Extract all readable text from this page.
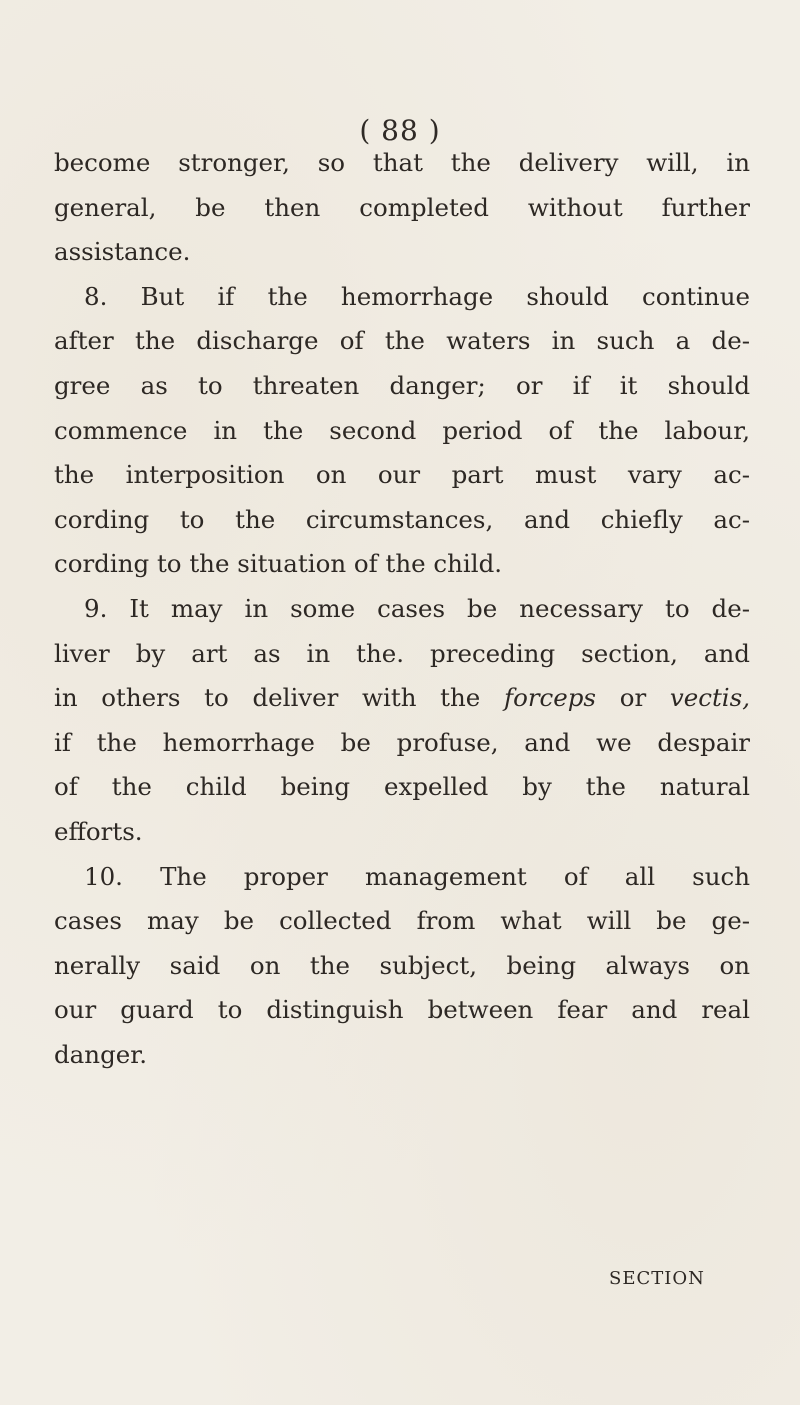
( 88 )
become stronger, so that the delivery will, in
general, be then completed without further
assistance.
8. But if the hemorrhage should continue
after the discharge of the waters in such a de-
gree as to threaten danger; or if it should
commence in the second period of the labour,
the interposition on our part must vary ac-
cording to the circumstances, and chiefly ac-
cording to the situation of the child.
9. It may in some cases be necessary to de-
liver by art as in the. preceding section, and
in others to deliver with the forceps or vectis,
if the hemorrhage be profuse, and we despair
of the child being expelled by the natural
efforts.
10. The proper management of all such
cases may be collected from what will be ge-
nerally said on the subject, being always on
our guard to distinguish between fear and real
danger.
SECTION
